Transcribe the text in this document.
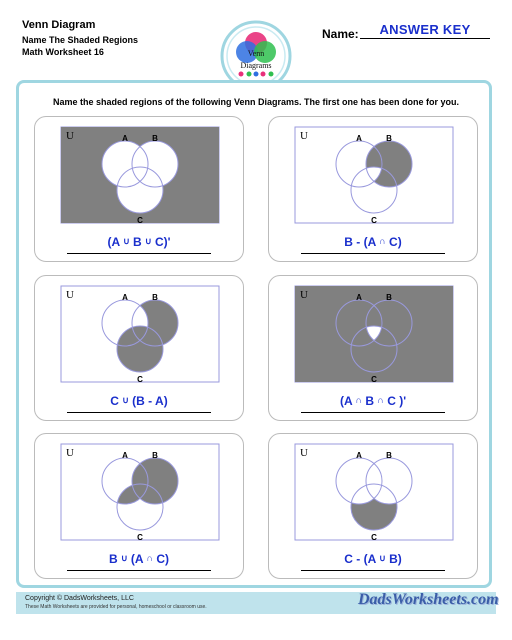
Venn Diagram
Name The Shaded Regions
Math Worksheet 16	Venn
Diagrams
Name:	ANSWER KEY
Name the shaded regions of the following Venn Diagrams. The first one has been done for you.
U	A	B
C
(A ∪ B ∪ C)'
U	A	B
C
B - (A ∩ C)
U	A	B
C
C ∪ (B - A)
U	A	B
C
(A ∩ B ∩ C )'
U	A	B
C
B ∪ (A ∩ C)
U	A	B
C
C - (A ∪ B)
Copyright © DadsWorksheets, LLC
These Math Worksheets are provided for personal, homeschool or classroom use.	DadsWorksheets.com
